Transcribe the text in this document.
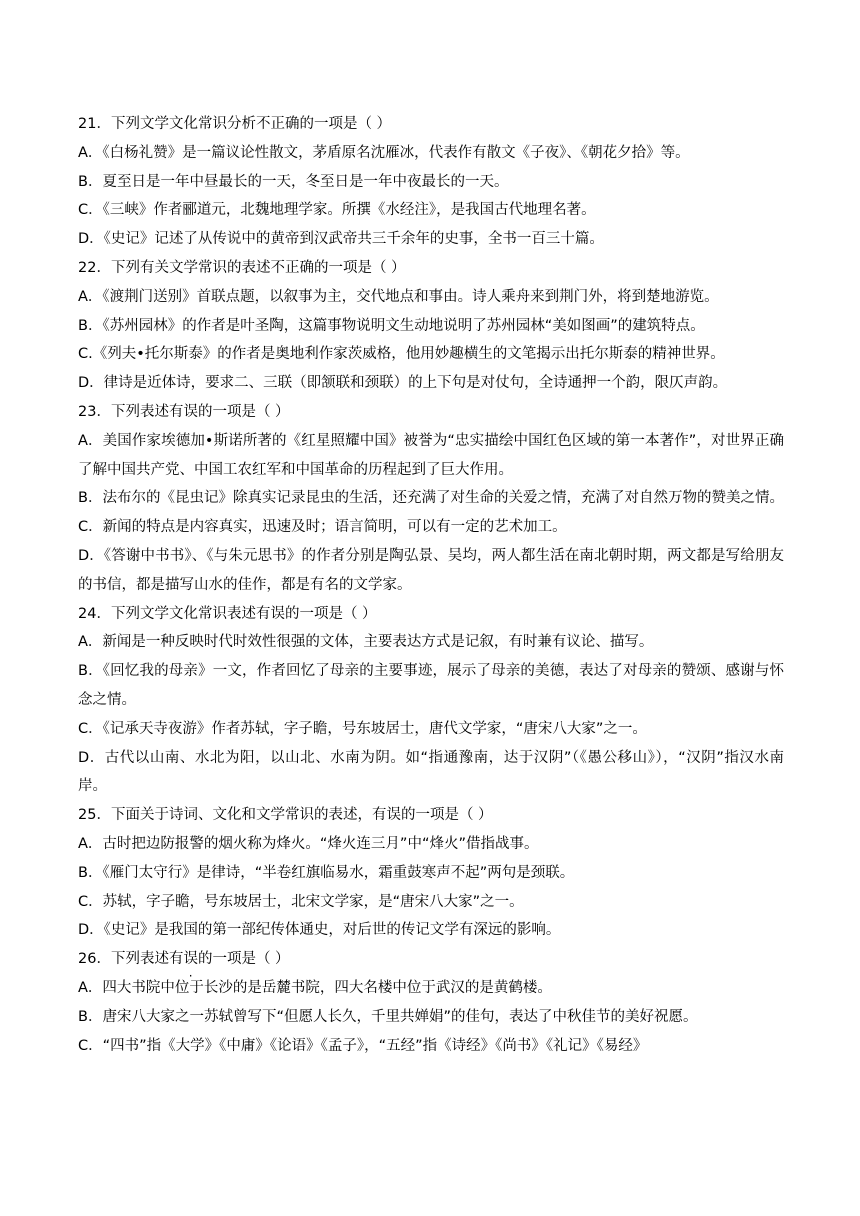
21．下列文学文化常识分析不正确的一项是（ ）
A．《白杨礼赞》是一篇议论性散文，茅盾原名沈雁冰，代表作有散文《子夜》、《朝花夕拾》等。
B．夏至日是一年中昼最长的一天，冬至日是一年中夜最长的一天。
C．《三峡》作者郦道元，北魏地理学家。所撰《水经注》，是我国古代地理名著。
D．《史记》记述了从传说中的黄帝到汉武帝共三千余年的史事，全书一百三十篇。
22．下列有关文学常识的表述不正确的一项是（ ）
A．《渡荆门送别》首联点题，以叙事为主，交代地点和事由。诗人乘舟来到荆门外，将到楚地游览。
B．《苏州园林》的作者是叶圣陶，这篇事物说明文生动地说明了苏州园林“美如图画”的建筑特点。
C.《列夫•托尔斯泰》的作者是奥地利作家茨威格，他用妙趣横生的文笔揭示出托尔斯泰的精神世界。
D．律诗是近体诗，要求二、三联（即颔联和颈联）的上下句是对仗句，全诗通押一个韵，限仄声韵。
23．下列表述有误的一项是（ ）
A．美国作家埃德加•斯诺所著的《红星照耀中国》被誉为“忠实描绘中国红色区域的第一本著作”，对世界正确了解中国共产党、中国工农红军和中国革命的历程起到了巨大作用。
B．法布尔的《昆虫记》除真实记录昆虫的生活，还充满了对生命的关爱之情，充满了对自然万物的赞美之情。
C．新闻的特点是内容真实，迅速及时；语言简明，可以有一定的艺术加工。
D．《答谢中书书》、《与朱元思书》的作者分别是陶弘景、吴均，两人都生活在南北朝时期，两文都是写给朋友的书信，都是描写山水的佳作，都是有名的文学家。
24．下列文学文化常识表述有误的一项是（ ）
A．新闻是一种反映时代时效性很强的文体，主要表达方式是记叙，有时兼有议论、描写。
B．《回忆我的母亲》一文，作者回忆了母亲的主要事迹，展示了母亲的美德，表达了对母亲的赞颂、感谢与怀念之情。
C．《记承天寺夜游》作者苏轼，字子瞻，号东坡居士，唐代文学家，“唐宋八大家”之一。
D．古代以山南、水北为阳，以山北、水南为阴。如“指通豫南，达于汉阴”（《愚公移山》），“汉阴”指汉水南岸。
25．下面关于诗词、文化和文学常识的表述，有误的一项是（ ）
A．古时把边防报警的烟火称为烽火。“烽火连三月”中“烽火”借指战事。
B．《雁门太守行》是律诗，“半卷红旗临易水，霜重鼓寒声不起”两句是颈联。
C．苏轼，字子瞻，号东坡居士，北宋文学家，是“唐宋八大家”之一。
D．《史记》是我国的第一部纪传体通史，对后世的传记文学有深远的影响。
26．下列表述有误的一项是（ ）
A．四大书院中位于长沙的是岳麓书院，四大名楼中位于武汉的是黄鹤楼。
B．唐宋八大家之一苏轼曾写下“但愿人长久，千里共婵娟”的佳句，表达了中秋佳节的美好祝愿。
C．“四书”指《大学》《中庸》《论语》《孟子》，“五经”指《诗经》《尚书》《礼记》《易经》
